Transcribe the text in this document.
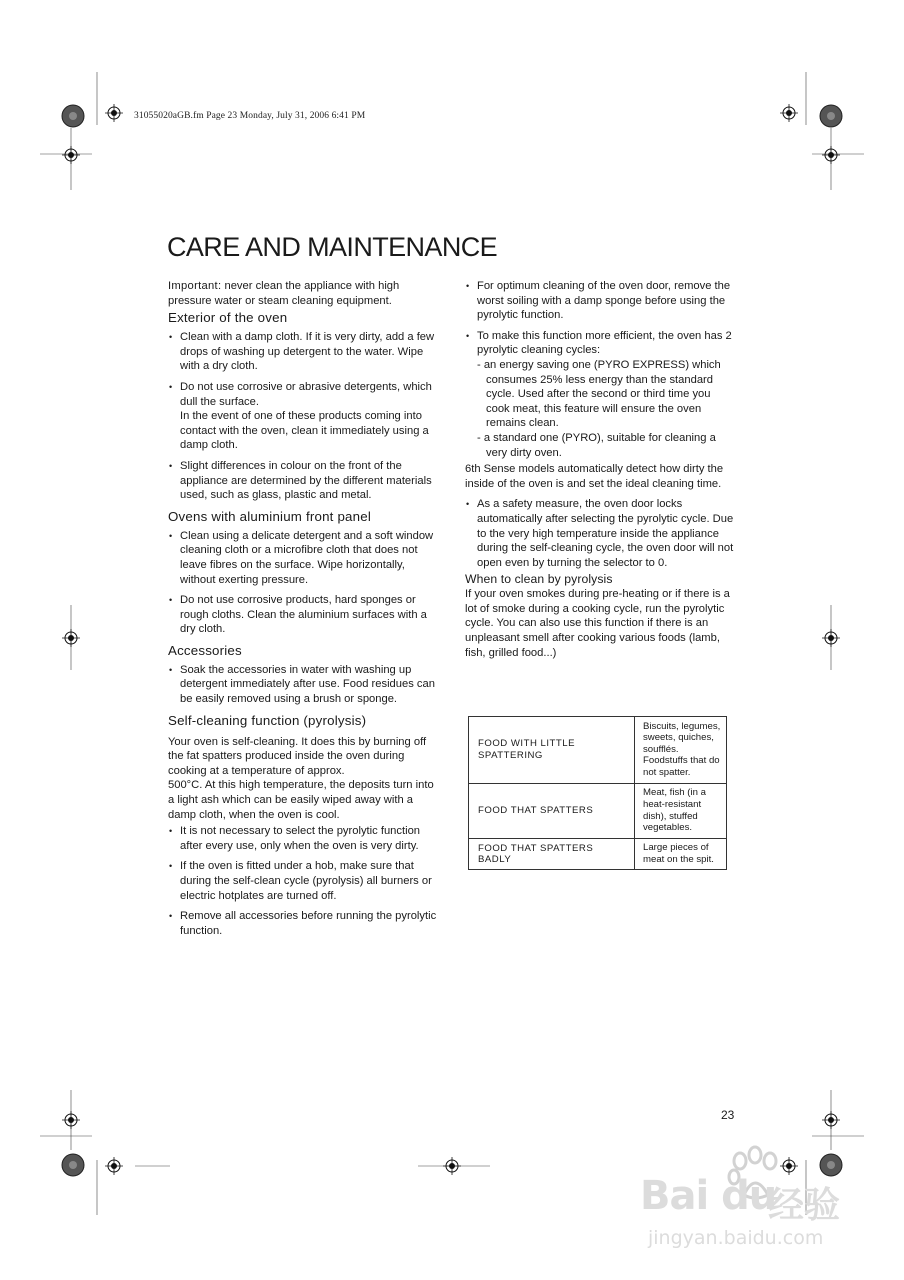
31055020aGB.fm Page 23 Monday, July 31, 2006 6:41 PM
CARE AND MAINTENANCE

Important: never clean the appliance with high pressure water or steam cleaning equipment.

Exterior of the oven
• Clean with a damp cloth. If it is very dirty, add a few drops of washing up detergent to the water. Wipe with a dry cloth.
• Do not use corrosive or abrasive detergents, which dull the surface.
In the event of one of these products coming into contact with the oven, clean it immediately using a damp cloth.
• Slight differences in colour on the front of the appliance are determined by the different materials used, such as glass, plastic and metal.
Ovens with aluminium front panel
• Clean using a delicate detergent and a soft window cleaning cloth or a microfibre cloth that does not leave fibres on the surface. Wipe horizontally, without exerting pressure.
• Do not use corrosive products, hard sponges or rough cloths. Clean the aluminium surfaces with a dry cloth.
Accessories
• Soak the accessories in water with washing up detergent immediately after use. Food residues can be easily removed using a brush or sponge.
Self-cleaning function (pyrolysis)

Your oven is self-cleaning. It does this by burning off the fat spatters produced inside the oven during cooking at a temperature of approx.
500°C. At this high temperature, the deposits turn into a light ash which can be easily wiped away with a damp cloth, when the oven is cool.

• It is not necessary to select the pyrolytic function after every use, only when the oven is very dirty.
• If the oven is fitted under a hob, make sure that during the self-clean cycle (pyrolysis) all burners or electric hotplates are turned off.
• Remove all accessories before running the pyrolytic function.
• For optimum cleaning of the oven door, remove the worst soiling with a damp sponge before using the pyrolytic function.
• To make this function more efficient, the oven has 2 pyrolytic cleaning cycles:
- an energy saving one (PYRO EXPRESS) which consumes 25% less energy than the standard cycle. Used after the second or third time you cook meat, this feature will ensure the oven remains clean.
- a standard one (PYRO), suitable for cleaning a very dirty oven.

6th Sense models automatically detect how dirty the inside of the oven is and set the ideal cleaning time.

• As a safety measure, the oven door locks automatically after selecting the pyrolytic cycle. Due to the very high temperature inside the appliance during the self-cleaning cycle, the oven door will not open even by turning the selector to 0.
When to clean by pyrolysis

If your oven smokes during pre-heating or if there is a lot of smoke during a cooking cycle, run the pyrolytic cycle. You can also use this function if there is an unpleasant smell after cooking various foods (lamb, fish, grilled food...)

FOOD WITH LITTLE SPATTERING	Biscuits, legumes, sweets, quiches, soufflés. Foodstuffs that do not spatter.
FOOD THAT SPATTERS	Meat, fish (in a heat-resistant dish), stuffed vegetables.
FOOD THAT SPATTERS BADLY	Large pieces of meat on the spit.
23
Bai du
经验
jingyan.baidu.com
